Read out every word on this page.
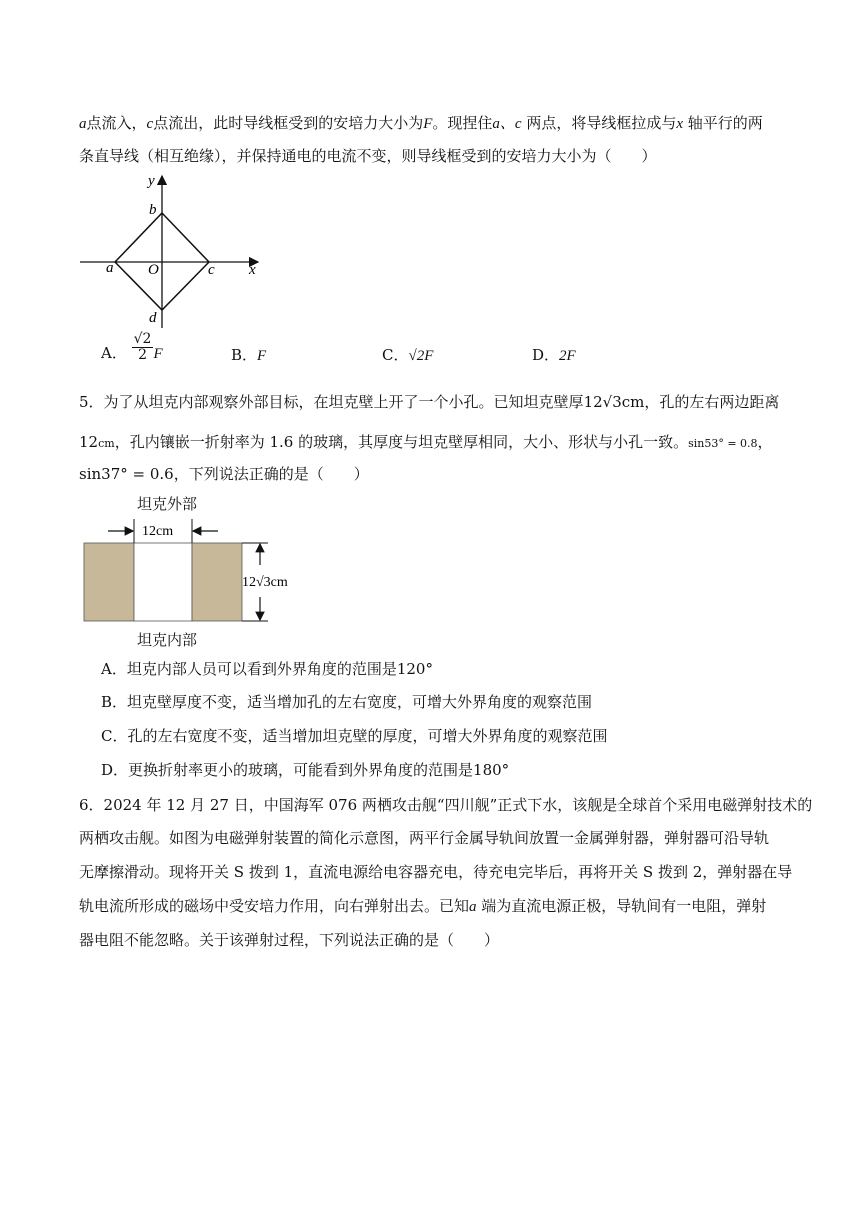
a点流入，c点流出，此时导线框受到的安培力大小为F。现捏住a、c 两点，将导线框拉成与x 轴平行的两
条直导线（相互绝缘），并保持通电的电流不变，则导线框受到的安培力大小为（　　）
y
b
a O	c x
d
A． $\frac{√2}{2}$ F	B．F	C．√2F	D．2F
5．为了从坦克内部观察外部目标，在坦克壁上开了一个小孔。已知坦克壁厚12√3cm，孔的左右两边距离
12cm，孔内镶嵌一折射率为 1.6 的玻璃，其厚度与坦克壁厚相同，大小、形状与小孔一致。sin53° = 0.8，
sin37° = 0.6，下列说法正确的是（　　）
坦克外部
12cm
12√3cm
坦克内部
A．坦克内部人员可以看到外界角度的范围是120°
B．坦克壁厚度不变，适当增加孔的左右宽度，可增大外界角度的观察范围
C．孔的左右宽度不变，适当增加坦克壁的厚度，可增大外界角度的观察范围
D．更换折射率更小的玻璃，可能看到外界角度的范围是180°
6．2024 年 12 月 27 日，中国海军 076 两栖攻击舰“四川舰”正式下水，该舰是全球首个采用电磁弹射技术的
两栖攻击舰。如图为电磁弹射装置的简化示意图，两平行金属导轨间放置一金属弹射器，弹射器可沿导轨
无摩擦滑动。现将开关 S 拨到 1，直流电源给电容器充电，待充电完毕后，再将开关 S 拨到 2，弹射器在导
轨电流所形成的磁场中受安培力作用，向右弹射出去。已知a 端为直流电源正极，导轨间有一电阻，弹射
器电阻不能忽略。关于该弹射过程，下列说法正确的是（　　）
